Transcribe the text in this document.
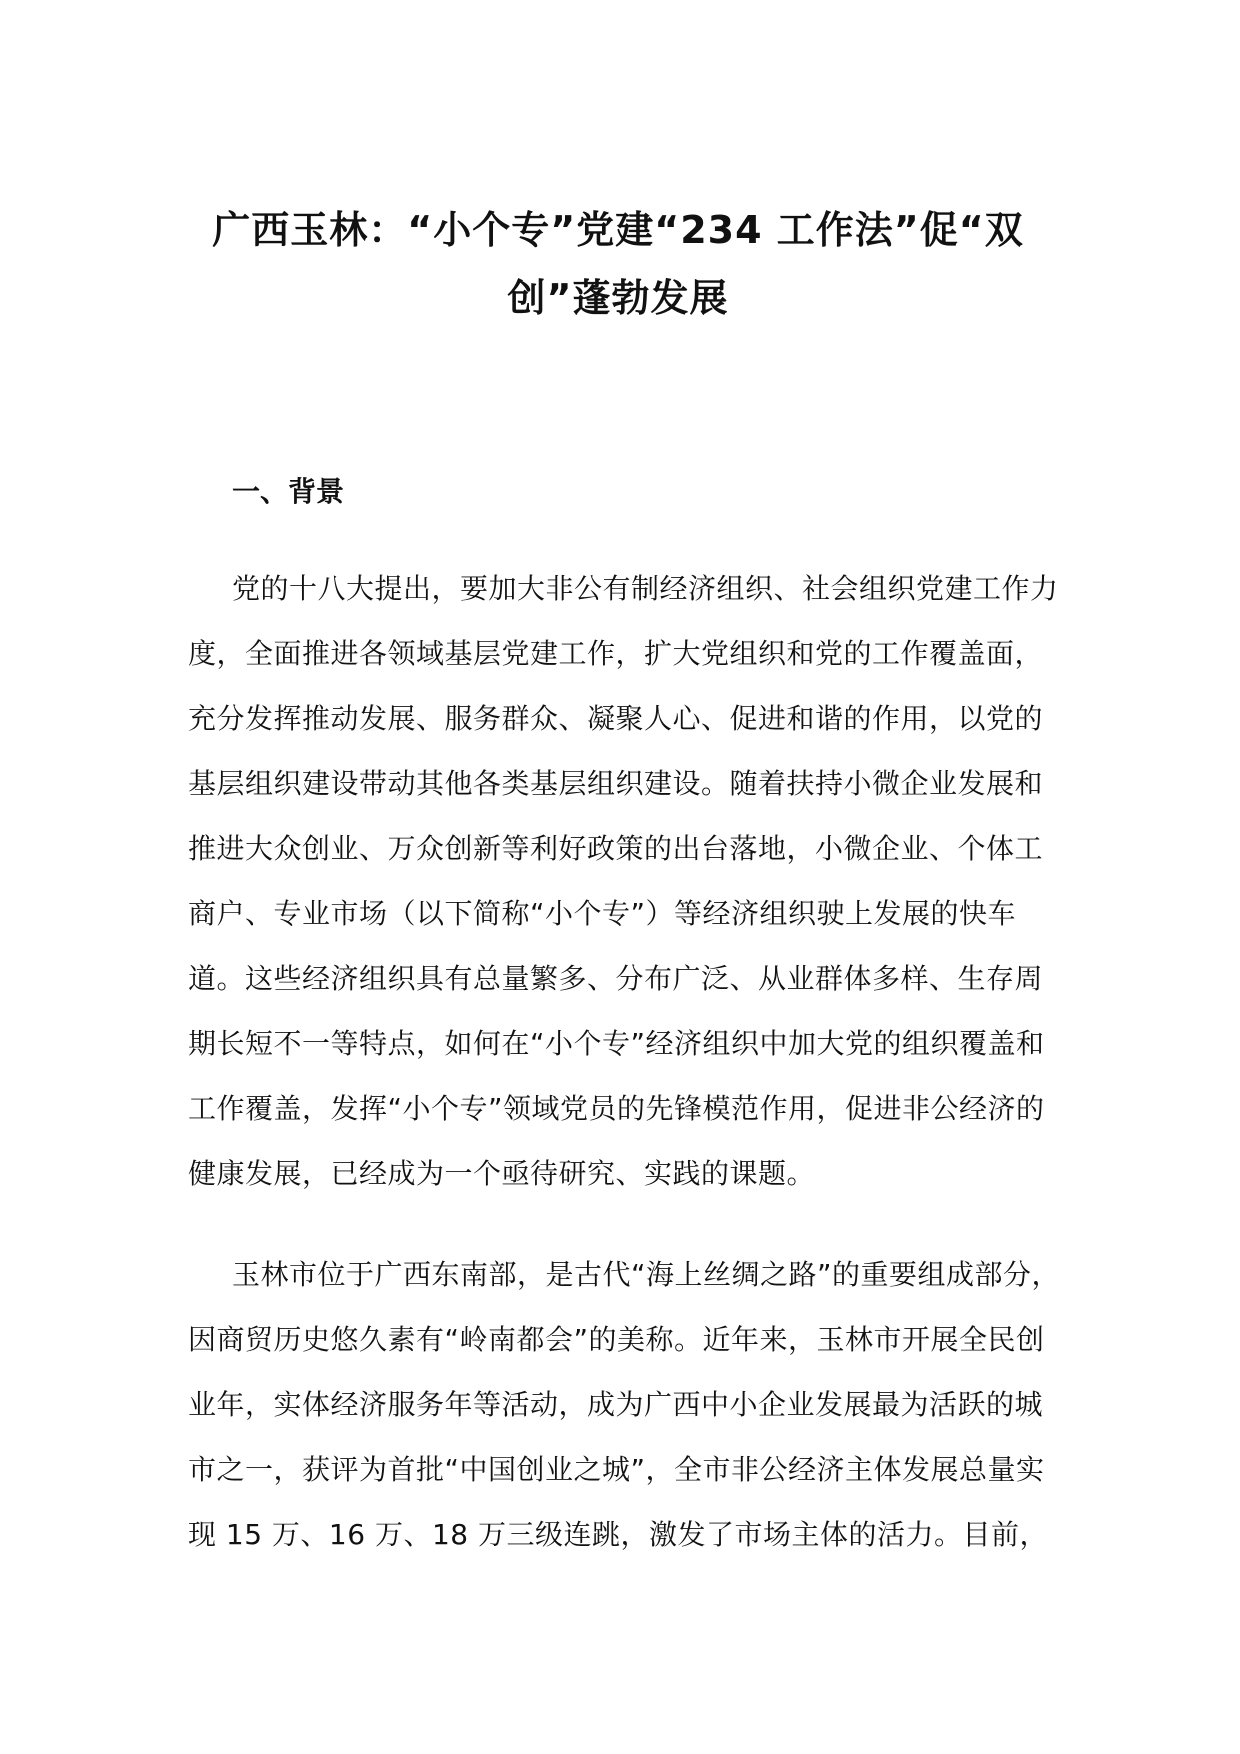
广西玉林：“小个专”党建“234 工作法”促“双创”蓬勃发展
一、背景

党的十八大提出，要加大非公有制经济组织、社会组织党建工作力度，全面推进各领域基层党建工作，扩大党组织和党的工作覆盖面，充分发挥推动发展、服务群众、凝聚人心、促进和谐的作用，以党的基层组织建设带动其他各类基层组织建设。随着扶持小微企业发展和推进大众创业、万众创新等利好政策的出台落地，小微企业、个体工商户、专业市场（以下简称“小个专”）等经济组织驶上发展的快车道。这些经济组织具有总量繁多、分布广泛、从业群体多样、生存周期长短不一等特点，如何在“小个专”经济组织中加大党的组织覆盖和工作覆盖，发挥“小个专”领域党员的先锋模范作用，促进非公经济的健康发展，已经成为一个亟待研究、实践的课题。

玉林市位于广西东南部，是古代“海上丝绸之路”的重要组成部分，因商贸历史悠久素有“岭南都会”的美称。近年来，玉林市开展全民创业年，实体经济服务年等活动，成为广西中小企业发展最为活跃的城市之一，获评为首批“中国创业之城”，全市非公经济主体发展总量实现 15 万、16 万、18 万三级连跳，激发了市场主体的活力。目前，
